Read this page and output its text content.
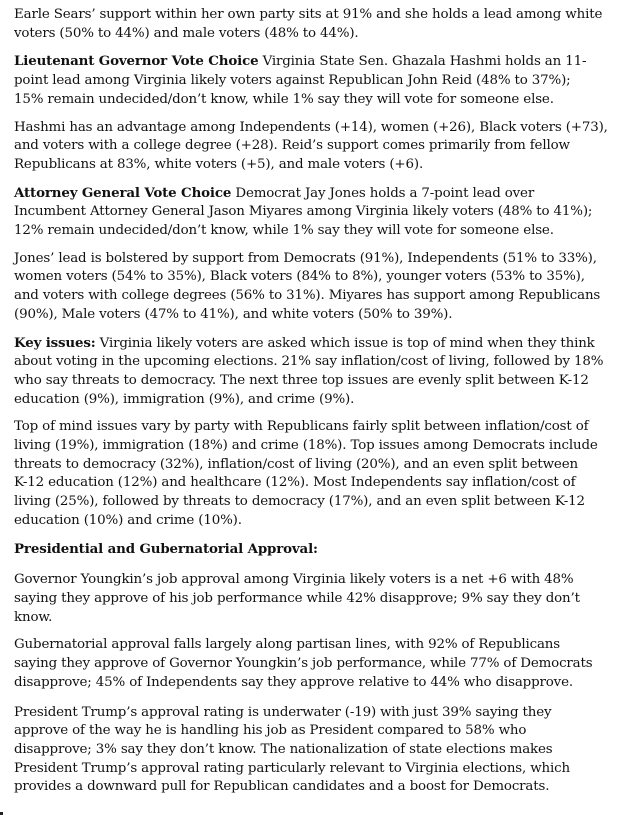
Earle Sears’ support within her own party sits at 91% and she holds a lead among white
voters (50% to 44%) and male voters (48% to 44%).

Lieutenant Governor Vote Choice Virginia State Sen. Ghazala Hashmi holds an 11-
point lead among Virginia likely voters against Republican John Reid (48% to 37%);
15% remain undecided/don’t know, while 1% say they will vote for someone else.

Hashmi has an advantage among Independents (+14), women (+26), Black voters (+73),
and voters with a college degree (+28). Reid’s support comes primarily from fellow
Republicans at 83%, white voters (+5), and male voters (+6).

Attorney General Vote Choice Democrat Jay Jones holds a 7-point lead over
Incumbent Attorney General Jason Miyares among Virginia likely voters (48% to 41%);
12% remain undecided/don’t know, while 1% say they will vote for someone else.

Jones’ lead is bolstered by support from Democrats (91%), Independents (51% to 33%),
women voters (54% to 35%), Black voters (84% to 8%), younger voters (53% to 35%),
and voters with college degrees (56% to 31%). Miyares has support among Republicans
(90%), Male voters (47% to 41%), and white voters (50% to 39%).

Key issues: Virginia likely voters are asked which issue is top of mind when they think
about voting in the upcoming elections. 21% say inflation/cost of living, followed by 18%
who say threats to democracy. The next three top issues are evenly split between K-12
education (9%), immigration (9%), and crime (9%).

Top of mind issues vary by party with Republicans fairly split between inflation/cost of
living (19%), immigration (18%) and crime (18%). Top issues among Democrats include
threats to democracy (32%), inflation/cost of living (20%), and an even split between
K-12 education (12%) and healthcare (12%). Most Independents say inflation/cost of
living (25%), followed by threats to democracy (17%), and an even split between K-12
education (10%) and crime (10%).

Presidential and Gubernatorial Approval:

Governor Youngkin’s job approval among Virginia likely voters is a net +6 with 48%
saying they approve of his job performance while 42% disapprove; 9% say they don’t
know.

Gubernatorial approval falls largely along partisan lines, with 92% of Republicans
saying they approve of Governor Youngkin’s job performance, while 77% of Democrats
disapprove; 45% of Independents say they approve relative to 44% who disapprove.

President Trump’s approval rating is underwater (-19) with just 39% saying they
approve of the way he is handling his job as President compared to 58% who
disapprove; 3% say they don’t know. The nationalization of state elections makes
President Trump’s approval rating particularly relevant to Virginia elections, which
provides a downward pull for Republican candidates and a boost for Democrats.
